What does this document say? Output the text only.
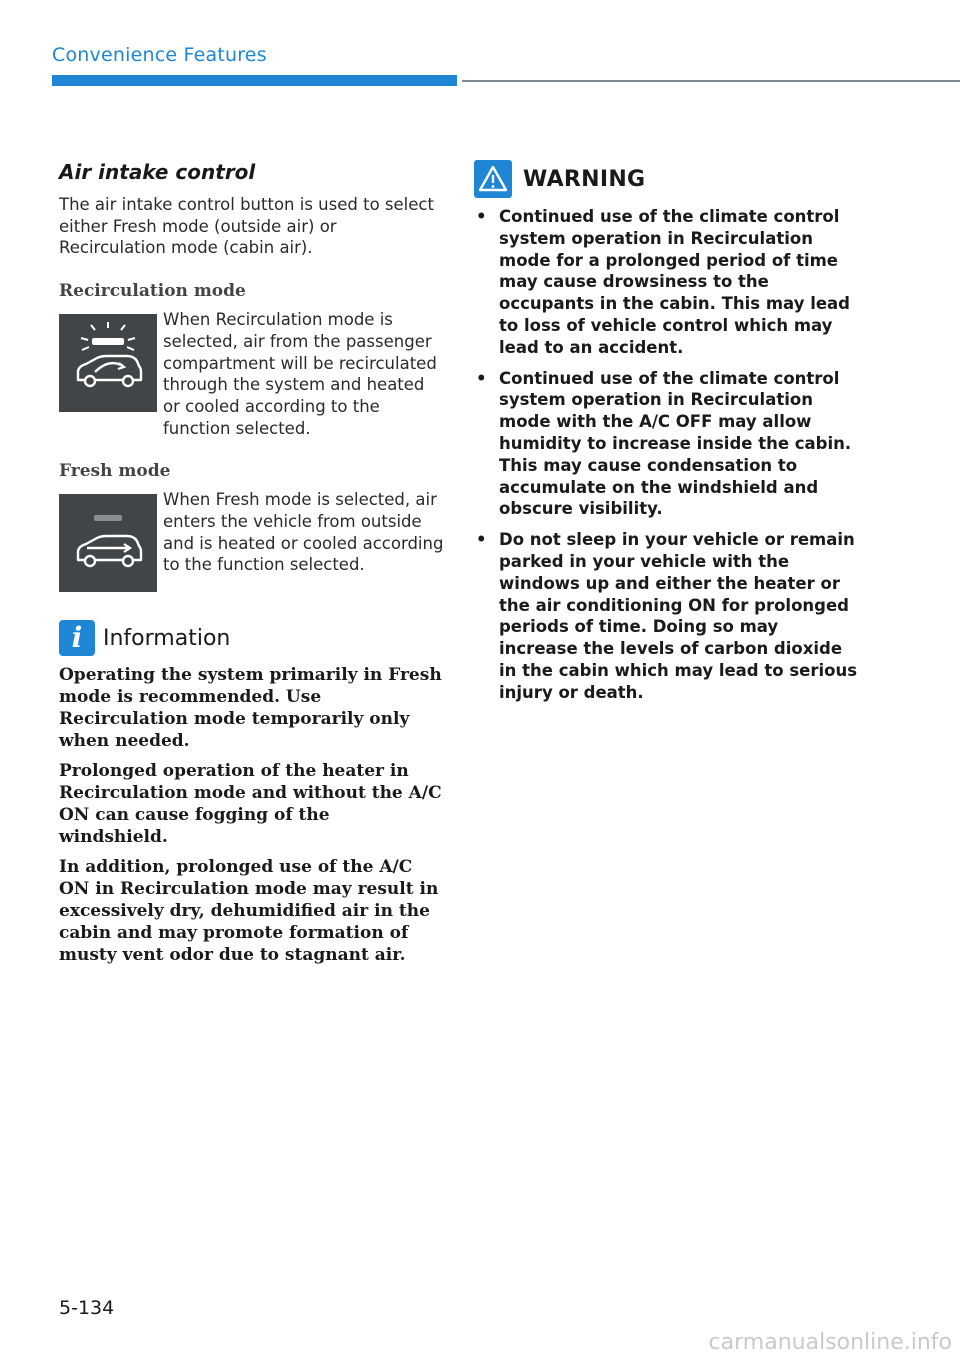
Convenience Features
Air intake control

The air intake control button is used to select either Fresh mode (outside air) or Recirculation mode (cabin air).

Recirculation mode

When Recirculation mode is selected, air from the passenger compartment will be recirculated through the system and heated or cooled according to the function selected.

Fresh mode

When Fresh mode is selected, air enters the vehicle from outside and is heated or cooled according to the function selected.
i Information

Operating the system primarily in Fresh mode is recommended. Use Recirculation mode temporarily only when needed.

Prolonged operation of the heater in Recirculation mode and without the A/C ON can cause fogging of the windshield.

In addition, prolonged use of the A/C ON in Recirculation mode may result in excessively dry, dehumidified air in the cabin and may promote formation of musty vent odor due to stagnant air.

WARNING
• Continued use of the climate control system operation in Recirculation mode for a prolonged period of time may cause drowsiness to the occupants in the cabin. This may lead to loss of vehicle control which may lead to an accident.
• Continued use of the climate control system operation in Recirculation mode with the A/C OFF may allow humidity to increase inside the cabin. This may cause condensation to accumulate on the windshield and obscure visibility.
• Do not sleep in your vehicle or remain parked in your vehicle with the windows up and either the heater or the air conditioning ON for prolonged periods of time. Doing so may increase the levels of carbon dioxide in the cabin which may lead to serious injury or death.
5-134
carmanualsonline.info
